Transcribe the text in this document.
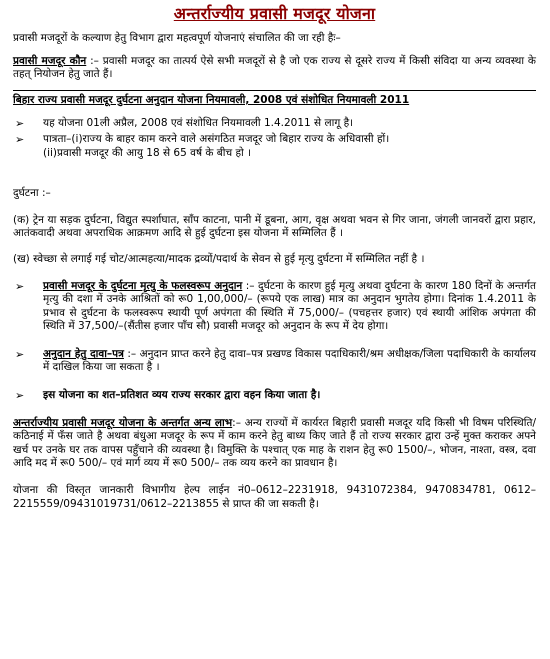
अन्तर्राज्यीय प्रवासी मजदूर योजना

प्रवासी मजदूरों के कल्याण हेतु विभाग द्वारा महत्वपूर्ण योजनाएं संचालित की जा रही हैः–

प्रवासी मजदूर कौन :– प्रवासी मजदूर का तात्पर्य ऐसे सभी मजदूरों से है जो एक राज्य से दूसरे राज्य में किसी संविदा या अन्य व्यवस्था के तहत् नियोजन हेतु जाते हैं।

बिहार राज्य प्रवासी मजदूर दुर्घटना अनुदान योजना नियमावली, 2008 एवं संशोधित नियमावली 2011

➢	यह योजना 01ली अप्रैल, 2008 एवं संशोधित नियमावली 1.4.2011 से लागू है।
➢	पात्रता–(i)राज्य के बाहर काम करने वाले असंगठित मजदूर जो बिहार राज्य के अधिवासी हों।
(ii)प्रवासी मजदूर की आयु 18 से 65 वर्ष के बीच हो ।

दुर्घटना :–

(क) ट्रेन या सड़क दुर्घटना, विद्युत स्पर्शाघात, साँप काटना, पानी में डूबना, आग, वृक्ष अथवा भवन से गिर जाना, जंगली जानवरों द्वारा प्रहार, आतंकवादी अथवा अपराधिक आक्रमण आदि से हुई दुर्घटना इस योजना में सम्मिलित हैं ।

(ख) स्वेच्छा से लगाई गई चोट/आत्महत्या/मादक द्रव्यों/पदार्थ के सेवन से हुई मृत्यु दुर्घटना में सम्मिलित नहीं है ।

➢	प्रवासी मजदूर के दुर्घटना मृत्यु के फलस्वरूप अनुदान :– दुर्घटना के कारण हुई मृत्यु अथवा दुर्घटना के कारण 180 दिनों के अन्तर्गत मृत्यु की दशा में उनके आश्रितों को रू0 1,00,000/– (रूपये एक लाख) मात्र का अनुदान भुगतेय होगा। दिनांक 1.4.2011 के प्रभाव से दुर्घटना के फलस्वरूप स्थायी पूर्ण अपंगता की स्थिति में 75,000/– (पचहत्तर हजार) एवं स्थायी आंशिक अपंगता की स्थिति में 37,500/–(सैंतीस हजार पाँच सौ) प्रवासी मजदूर को अनुदान के रूप में देय होगा।
➢	अनुदान हेतु दावा–पत्र :– अनुदान प्राप्त करने हेतु दावा–पत्र प्रखण्ड विकास पदाधिकारी/श्रम अधीक्षक/जिला पदाधिकारी के कार्यालय में दाखिल किया जा सकता है ।
➢	इस योजना का शत–प्रतिशत व्यय राज्य सरकार द्वारा वहन किया जाता है।

अन्तर्राज्यीय प्रवासी मजदूर योजना के अन्तर्गत अन्य लाभ:– अन्य राज्यों में कार्यरत बिहारी प्रवासी मजदूर यदि किसी भी विषम परिस्थिति/कठिनाई में फँस जाते है अथवा बंधुआ मजदूर के रूप में काम करने हेतु बाध्य किए जाते हैं तो राज्य सरकार द्वारा उन्हें मुक्त कराकर अपने खर्च पर उनके घर तक वापस पहुँचाने की व्यवस्था है। विमुक्ति के पश्चात् एक माह के राशन हेतु रू0 1500/–, भोजन, नाश्ता, वस्त्र, दवा आदि मद में रू0 500/– एवं मार्ग व्यय में रू0 500/– तक व्यय करने का प्रावधान है।

योजना की विस्तृत जानकारी विभागीय हेल्प लाईन नं0–0612–2231918, 9431072384, 9470834781, 0612–2215559/09431019731/0612–2213855 से प्राप्त की जा सकती है।
